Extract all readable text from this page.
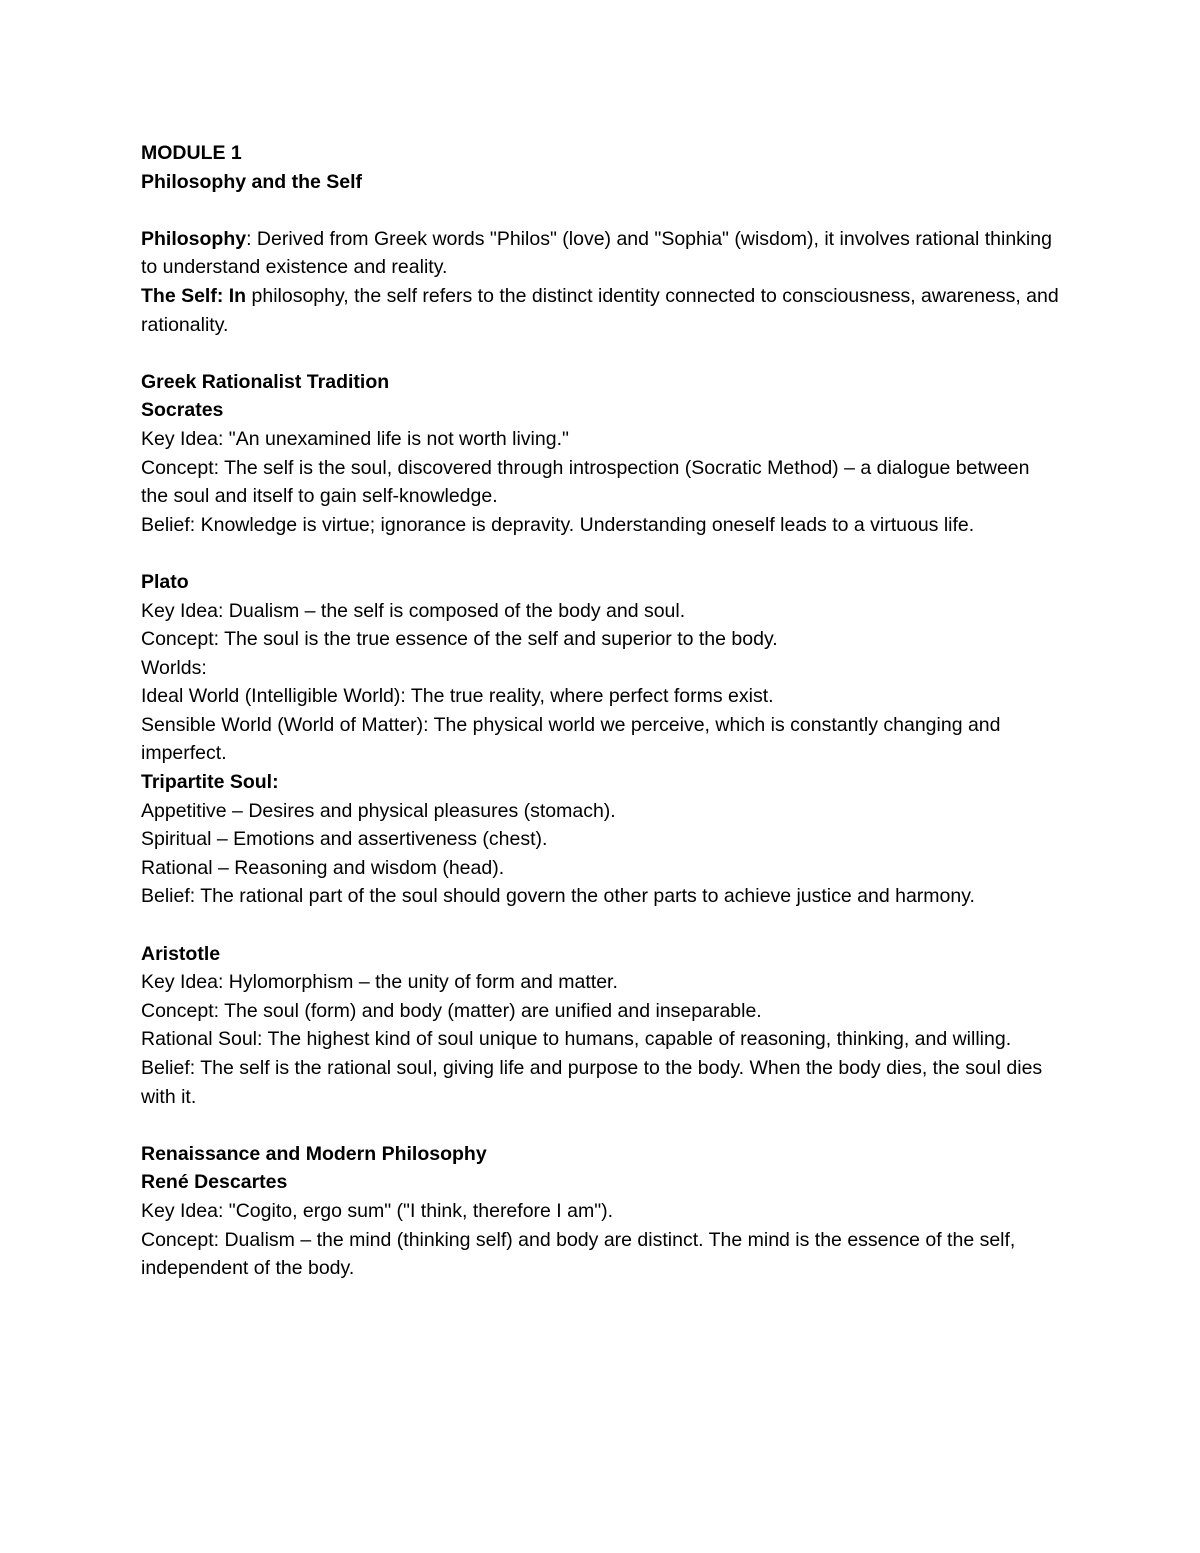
MODULE 1
Philosophy and the Self
Philosophy: Derived from Greek words "Philos" (love) and "Sophia" (wisdom), it involves rational thinking to understand existence and reality.
The Self: In philosophy, the self refers to the distinct identity connected to consciousness, awareness, and rationality.
Greek Rationalist Tradition
Socrates
Key Idea: "An unexamined life is not worth living."
Concept: The self is the soul, discovered through introspection (Socratic Method) – a dialogue between the soul and itself to gain self-knowledge.
Belief: Knowledge is virtue; ignorance is depravity. Understanding oneself leads to a virtuous life.
Plato
Key Idea: Dualism – the self is composed of the body and soul.
Concept: The soul is the true essence of the self and superior to the body.
Worlds:
Ideal World (Intelligible World): The true reality, where perfect forms exist.
Sensible World (World of Matter): The physical world we perceive, which is constantly changing and imperfect.
Tripartite Soul:
Appetitive – Desires and physical pleasures (stomach).
Spiritual – Emotions and assertiveness (chest).
Rational – Reasoning and wisdom (head).
Belief: The rational part of the soul should govern the other parts to achieve justice and harmony.
Aristotle
Key Idea: Hylomorphism – the unity of form and matter.
Concept: The soul (form) and body (matter) are unified and inseparable.
Rational Soul: The highest kind of soul unique to humans, capable of reasoning, thinking, and willing.
Belief: The self is the rational soul, giving life and purpose to the body. When the body dies, the soul dies with it.
Renaissance and Modern Philosophy
René Descartes
Key Idea: "Cogito, ergo sum" ("I think, therefore I am").
Concept: Dualism – the mind (thinking self) and body are distinct. The mind is the essence of the self, independent of the body.
